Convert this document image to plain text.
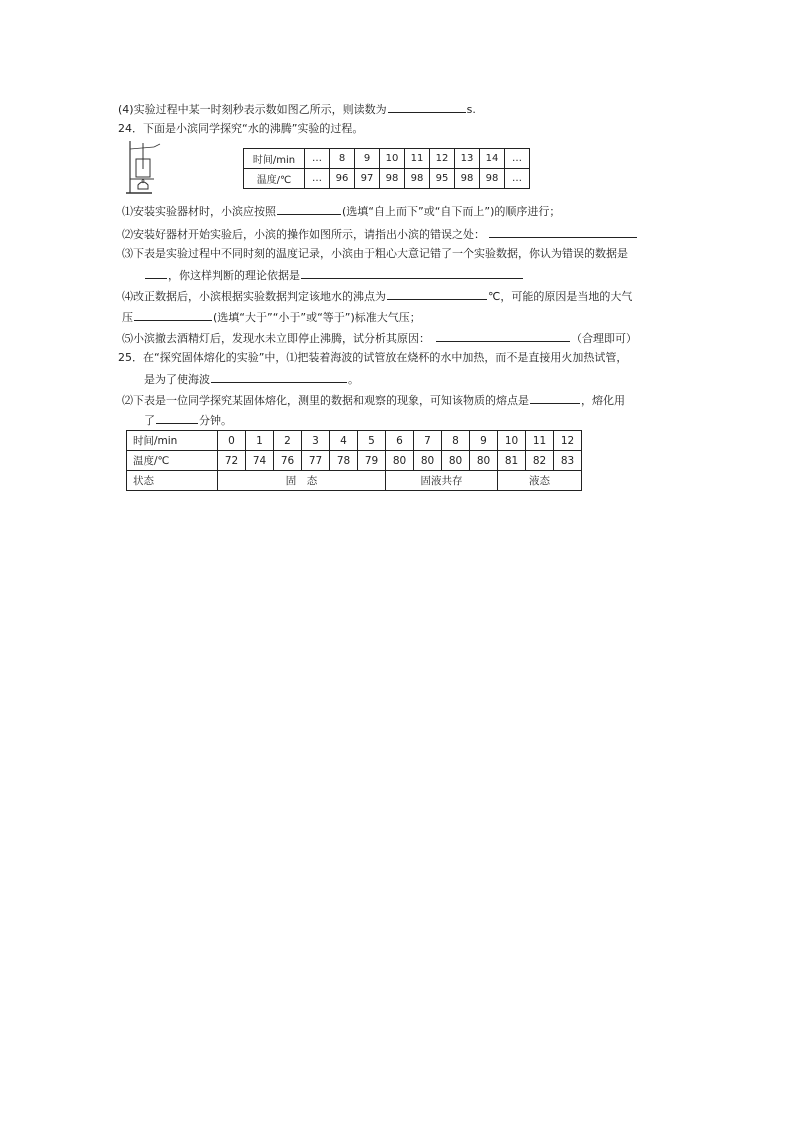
(4)实验过程中某一时刻秒表示数如图乙所示，则读数为	s.
24．下面是小滨同学探究“水的沸腾”实验的过程。
时间/min	…	8	9	10	11	12	13	14	…
温度/℃	…	96	97	98	98	95	98	98	…
⑴安装实验器材时，小滨应按照	(选填“自上而下”或“自下而上”)的顺序进行；
⑵安装好器材开始实验后，小滨的操作如图所示，请指出小滨的错误之处：
⑶下表是实验过程中不同时刻的温度记录，小滨由于粗心大意记错了一个实验数据，你认为错误的数据是
，你这样判断的理论依据是
⑷改正数据后，小滨根据实验数据判定该地水的沸点为	℃，可能的原因是当地的大气
压	(选填“大于”“小于”或“等于”)标准大气压；
⑸小滨撤去酒精灯后，发现水未立即停止沸腾，试分析其原因：	（合理即可）
25．在“探究固体熔化的实验”中，⑴把装着海波的试管放在烧杯的水中加热，而不是直接用火加热试管，
是为了使海波	。
⑵下表是一位同学探究某固体熔化，测里的数据和观察的现象，可知该物质的熔点是	，熔化用
了	分钟。
时间/min	0	1	2	3	4	5	6	7	8	9	10	11	12
温度/℃	72	74	76	77	78	79	80	80	80	80	81	82	83
状态	固　态						固液共存				液态		
